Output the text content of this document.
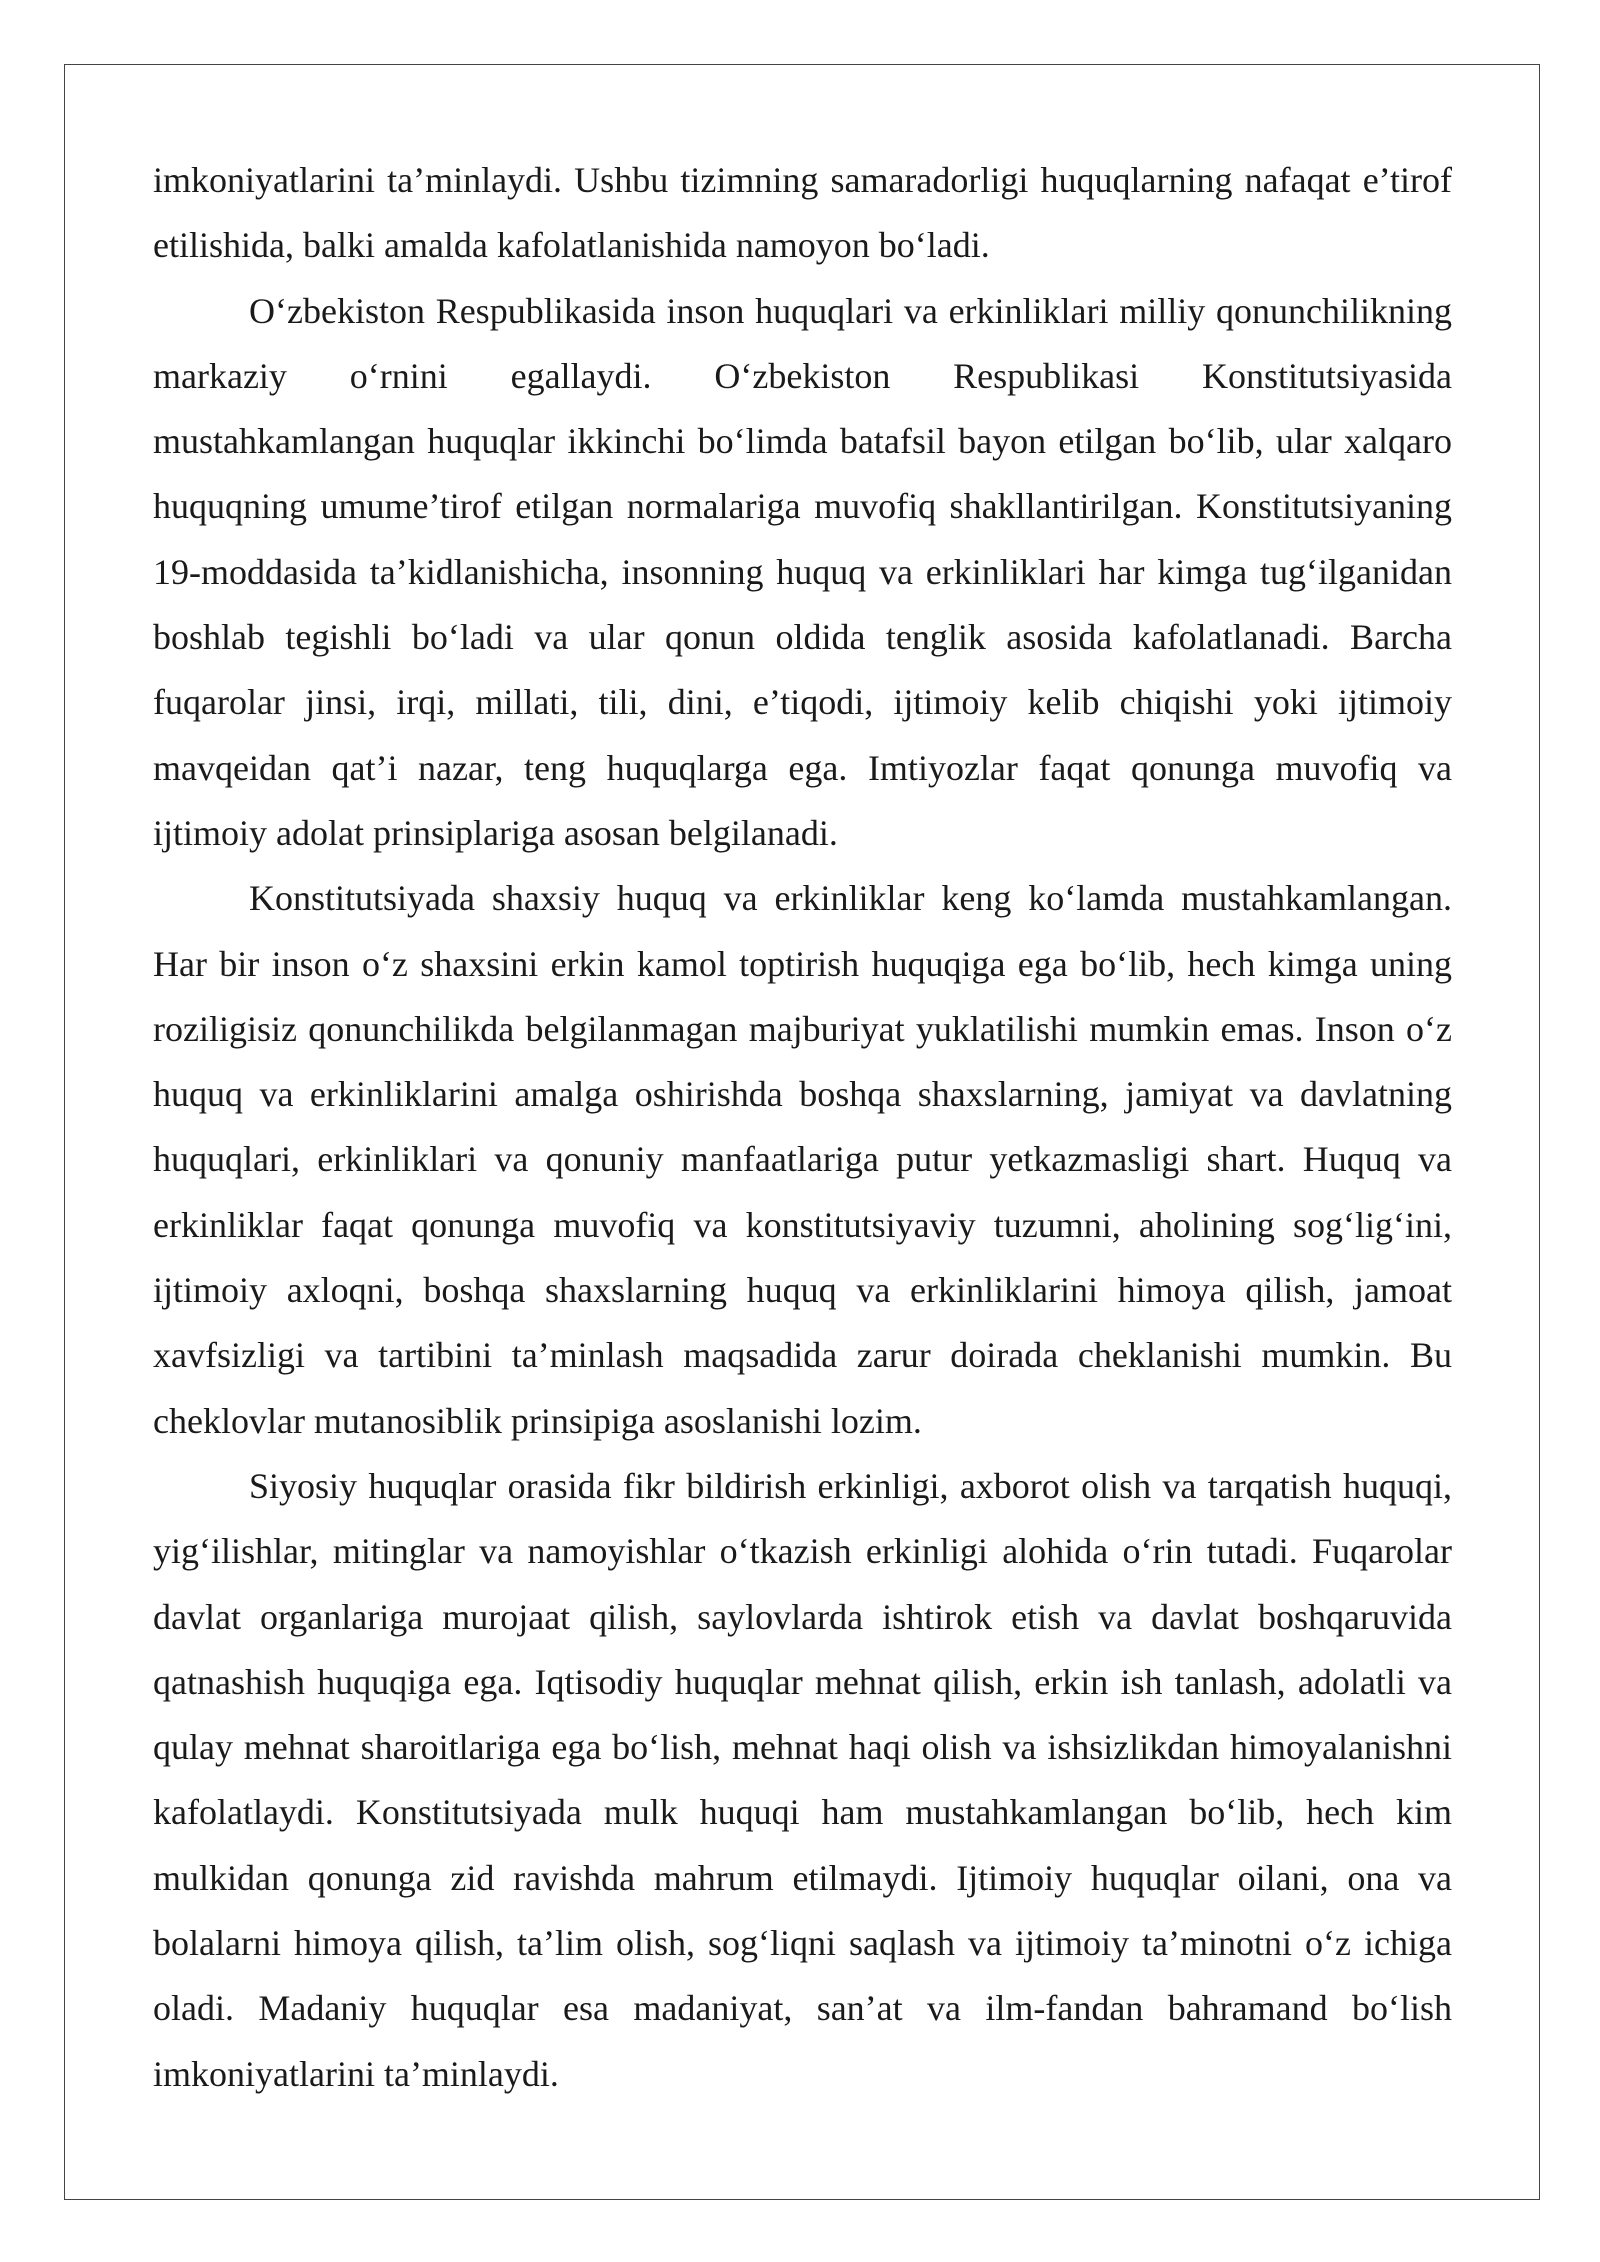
imkoniyatlarini ta’minlaydi. Ushbu tizimning samaradorligi huquqlarning nafaqat e’tirof etilishida, balki amalda kafolatlanishida namoyon bo‘ladi.

O‘zbekiston Respublikasida inson huquqlari va erkinliklari milliy qonunchilikning markaziy o‘rnini egallaydi. O‘zbekiston Respublikasi Konstitutsiyasida mustahkamlangan huquqlar ikkinchi bo‘limda batafsil bayon etilgan bo‘lib, ular xalqaro huquqning umume’tirof etilgan normalariga muvofiq shakllantirilgan. Konstitutsiyaning 19-moddasida ta’kidlanishicha, insonning huquq va erkinliklari har kimga tug‘ilganidan boshlab tegishli bo‘ladi va ular qonun oldida tenglik asosida kafolatlanadi. Barcha fuqarolar jinsi, irqi, millati, tili, dini, e’tiqodi, ijtimoiy kelib chiqishi yoki ijtimoiy mavqeidan qat’i nazar, teng huquqlarga ega. Imtiyozlar faqat qonunga muvofiq va ijtimoiy adolat prinsiplariga asosan belgilanadi.

Konstitutsiyada shaxsiy huquq va erkinliklar keng ko‘lamda mustahkamlangan. Har bir inson o‘z shaxsini erkin kamol toptirish huquqiga ega bo‘lib, hech kimga uning roziligisiz qonunchilikda belgilanmagan majburiyat yuklatilishi mumkin emas. Inson o‘z huquq va erkinliklarini amalga oshirishda boshqa shaxslarning, jamiyat va davlatning huquqlari, erkinliklari va qonuniy manfaatlariga putur yetkazmasligi shart. Huquq va erkinliklar faqat qonunga muvofiq va konstitutsiyaviy tuzumni, aholining sog‘lig‘ini, ijtimoiy axloqni, boshqa shaxslarning huquq va erkinliklarini himoya qilish, jamoat xavfsizligi va tartibini ta’minlash maqsadida zarur doirada cheklanishi mumkin. Bu cheklovlar mutanosiblik prinsipiga asoslanishi lozim.

Siyosiy huquqlar orasida fikr bildirish erkinligi, axborot olish va tarqatish huquqi, yig‘ilishlar, mitinglar va namoyishlar o‘tkazish erkinligi alohida o‘rin tutadi. Fuqarolar davlat organlariga murojaat qilish, saylovlarda ishtirok etish va davlat boshqaruvida qatnashish huquqiga ega. Iqtisodiy huquqlar mehnat qilish, erkin ish tanlash, adolatli va qulay mehnat sharoitlariga ega bo‘lish, mehnat haqi olish va ishsizlikdan himoyalanishni kafolatlaydi. Konstitutsiyada mulk huquqi ham mustahkamlangan bo‘lib, hech kim mulkidan qonunga zid ravishda mahrum etilmaydi. Ijtimoiy huquqlar oilani, ona va bolalarni himoya qilish, ta’lim olish, sog‘liqni saqlash va ijtimoiy ta’minotni o‘z ichiga oladi. Madaniy huquqlar esa madaniyat, san’at va ilm-fandan bahramand bo‘lish imkoniyatlarini ta’minlaydi.
